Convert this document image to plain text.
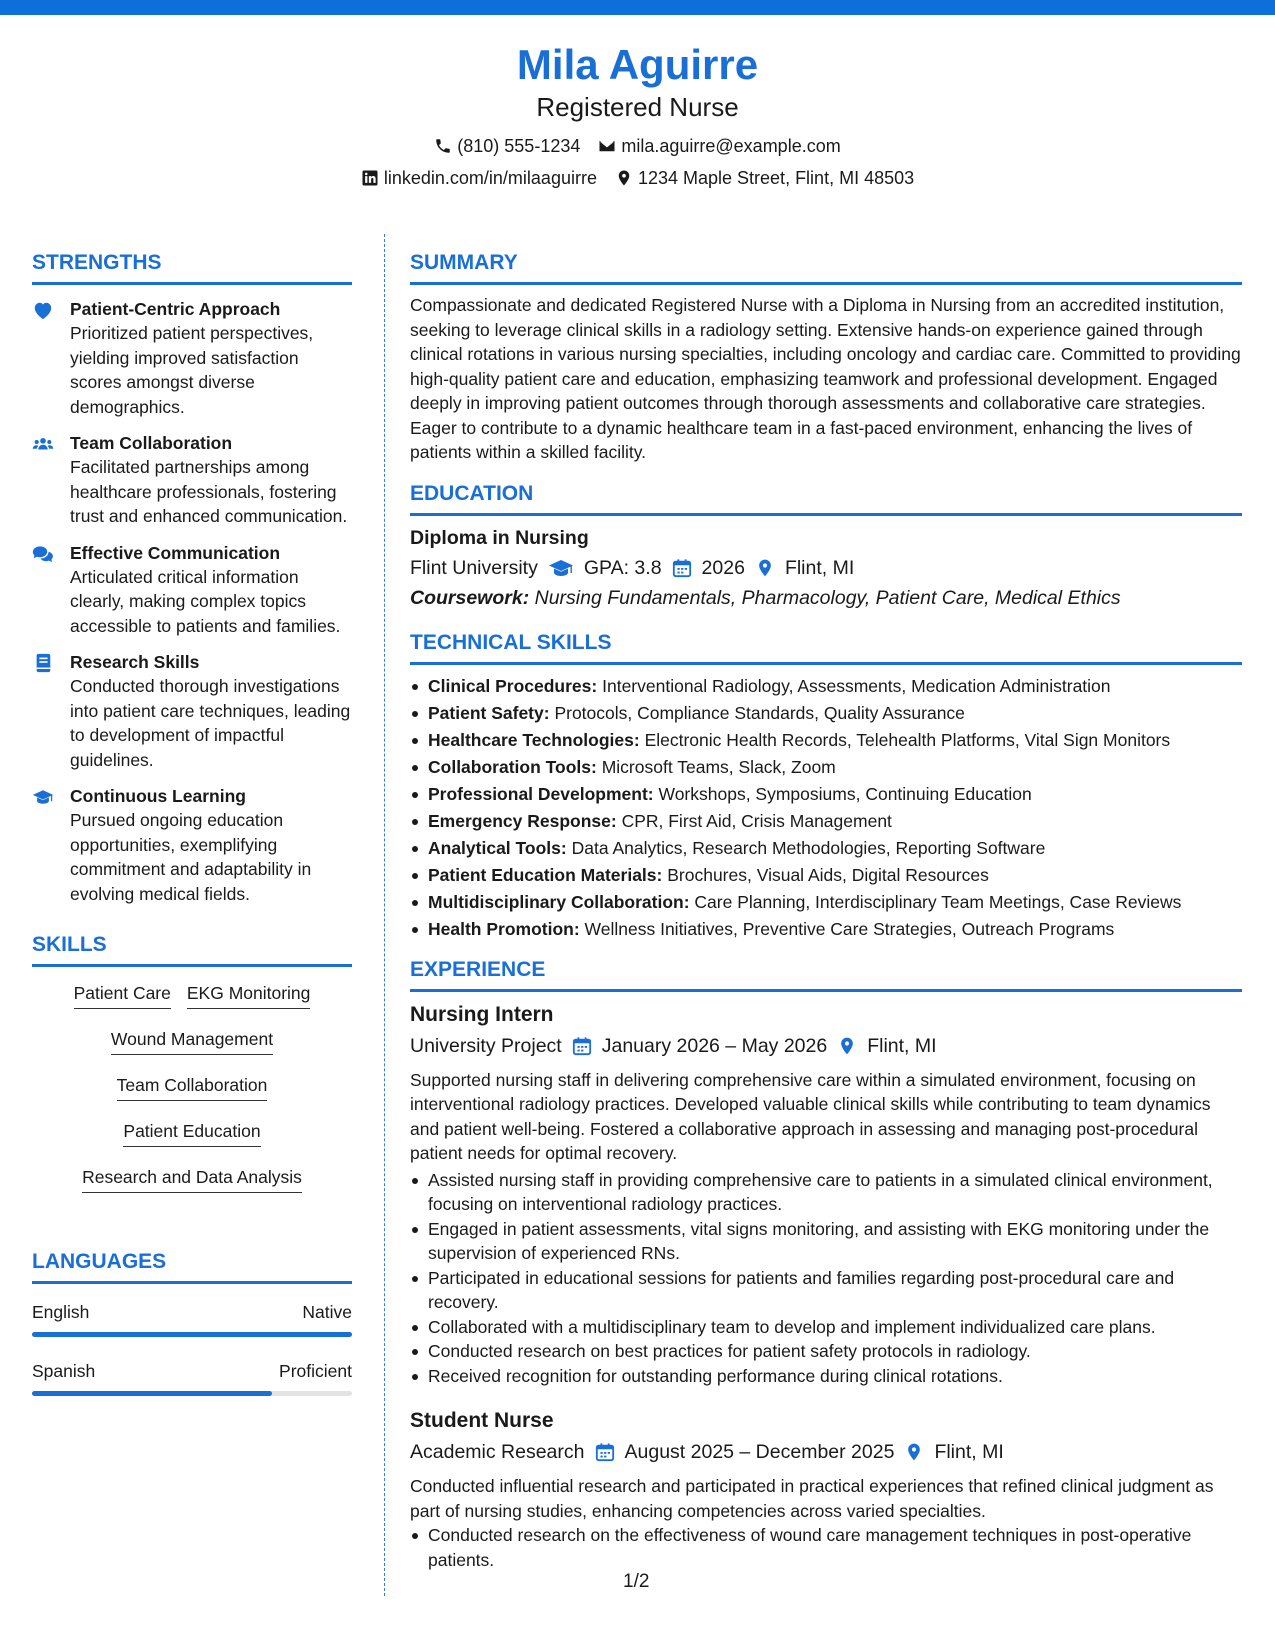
Mila Aguirre
Registered Nurse
(810) 555-1234 mila.aguirre@example.com
linkedin.com/in/milaaguirre 1234 Maple Street, Flint, MI 48503
STRENGTHS
Patient-Centric Approach
Prioritized patient perspectives, yielding improved satisfaction scores amongst diverse demographics.
Team Collaboration
Facilitated partnerships among healthcare professionals, fostering trust and enhanced communication.
Effective Communication
Articulated critical information clearly, making complex topics accessible to patients and families.
Research Skills
Conducted thorough investigations into patient care techniques, leading to development of impactful guidelines.
Continuous Learning
Pursued ongoing education opportunities, exemplifying commitment and adaptability in evolving medical fields.
SKILLS
Patient Care EKG Monitoring
Wound Management
Team Collaboration
Patient Education
Research and Data Analysis
LANGUAGES
English	Native
Spanish	Proficient
SUMMARY
Compassionate and dedicated Registered Nurse with a Diploma in Nursing from an accredited institution, seeking to leverage clinical skills in a radiology setting. Extensive hands-on experience gained through clinical rotations in various nursing specialties, including oncology and cardiac care. Committed to providing high-quality patient care and education, emphasizing teamwork and professional development. Engaged deeply in improving patient outcomes through thorough assessments and collaborative care strategies. Eager to contribute to a dynamic healthcare team in a fast-paced environment, enhancing the lives of patients within a skilled facility.
EDUCATION
Diploma in Nursing
Flint University GPA: 3.8 2026 Flint, MI
Coursework: Nursing Fundamentals, Pharmacology, Patient Care, Medical Ethics
TECHNICAL SKILLS
Clinical Procedures: Interventional Radiology, Assessments, Medication Administration
Patient Safety: Protocols, Compliance Standards, Quality Assurance
Healthcare Technologies: Electronic Health Records, Telehealth Platforms, Vital Sign Monitors
Collaboration Tools: Microsoft Teams, Slack, Zoom
Professional Development: Workshops, Symposiums, Continuing Education
Emergency Response: CPR, First Aid, Crisis Management
Analytical Tools: Data Analytics, Research Methodologies, Reporting Software
Patient Education Materials: Brochures, Visual Aids, Digital Resources
Multidisciplinary Collaboration: Care Planning, Interdisciplinary Team Meetings, Case Reviews
Health Promotion: Wellness Initiatives, Preventive Care Strategies, Outreach Programs
EXPERIENCE
Nursing Intern
University Project January 2026 – May 2026 Flint, MI
Supported nursing staff in delivering comprehensive care within a simulated environment, focusing on interventional radiology practices. Developed valuable clinical skills while contributing to team dynamics and patient well-being. Fostered a collaborative approach in assessing and managing post-procedural patient needs for optimal recovery.
Assisted nursing staff in providing comprehensive care to patients in a simulated clinical environment, focusing on interventional radiology practices.
Engaged in patient assessments, vital signs monitoring, and assisting with EKG monitoring under the supervision of experienced RNs.
Participated in educational sessions for patients and families regarding post-procedural care and recovery.
Collaborated with a multidisciplinary team to develop and implement individualized care plans.
Conducted research on best practices for patient safety protocols in radiology.
Received recognition for outstanding performance during clinical rotations.
Student Nurse
Academic Research August 2025 – December 2025 Flint, MI
Conducted influential research and participated in practical experiences that refined clinical judgment as part of nursing studies, enhancing competencies across varied specialties.
Conducted research on the effectiveness of wound care management techniques in post-operative patients.
1/2
